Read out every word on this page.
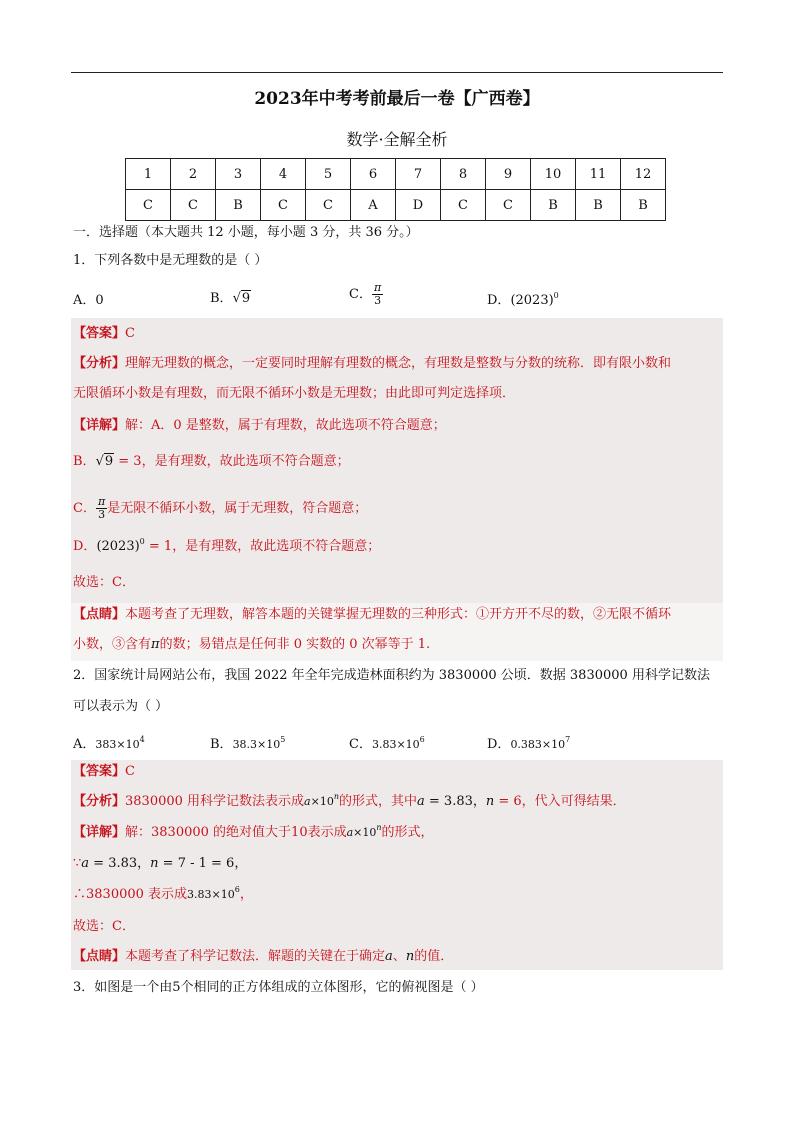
2023年中考考前最后一卷【广西卷】
数学·全解全析
1	2	3	4	5	6	7	8	9	10	11	12
C	C	B	C	C	A	D	C	C	B	B	B
一．选择题（本大题共 12 小题，每小题 3 分，共 36 分。）
1．下列各数中是无理数的是（ ）
A．0	B．√9	C． $\frac{\pi}{3}$	D．$(2023)^0$
【答案】C
【分析】理解无理数的概念，一定要同时理解有理数的概念，有理数是整数与分数的统称．即有限小数和
无限循环小数是有理数，而无限不循环小数是无理数；由此即可判定选择项．
【详解】解：A．0 是整数，属于有理数，故此选项不符合题意；
B．√9 = 3，是有理数，故此选项不符合题意；
C． $\frac{\pi}{3}$ 是无限不循环小数，属于无理数，符合题意；
D．$(2023)^0 = 1$，是有理数，故此选项不符合题意；
故选：C．
【点睛】本题考查了无理数，解答本题的关键掌握无理数的三种形式：①开方开不尽的数，②无限不循环
小数，③含有π的数；易错点是任何非 0 实数的 0 次幂等于 1.
2．国家统计局网站公布，我国 2022 年全年完成造林面积约为 3830000 公顷．数据 3830000 用科学记数法
可以表示为（ ）
A．$383\times 10^4$	B．$38.3\times 10^5$	C．$3.83\times 10^6$	D．$0.383\times 10^7$
【答案】C
【分析】3830000 用科学记数法表示成$a\times 10^n$的形式，其中a = 3.83，n = 6，代入可得结果．
【详解】解：3830000 的绝对值大于10表示成$a\times 10^n$的形式，
∵a = 3.83，n = 7 - 1 = 6，
∴3830000 表示成$3.83\times 10^6$，
故选：C．
【点睛】本题考查了科学记数法．解题的关键在于确定a、n的值．
3．如图是一个由5个相同的正方体组成的立体图形，它的俯视图是（ ）
